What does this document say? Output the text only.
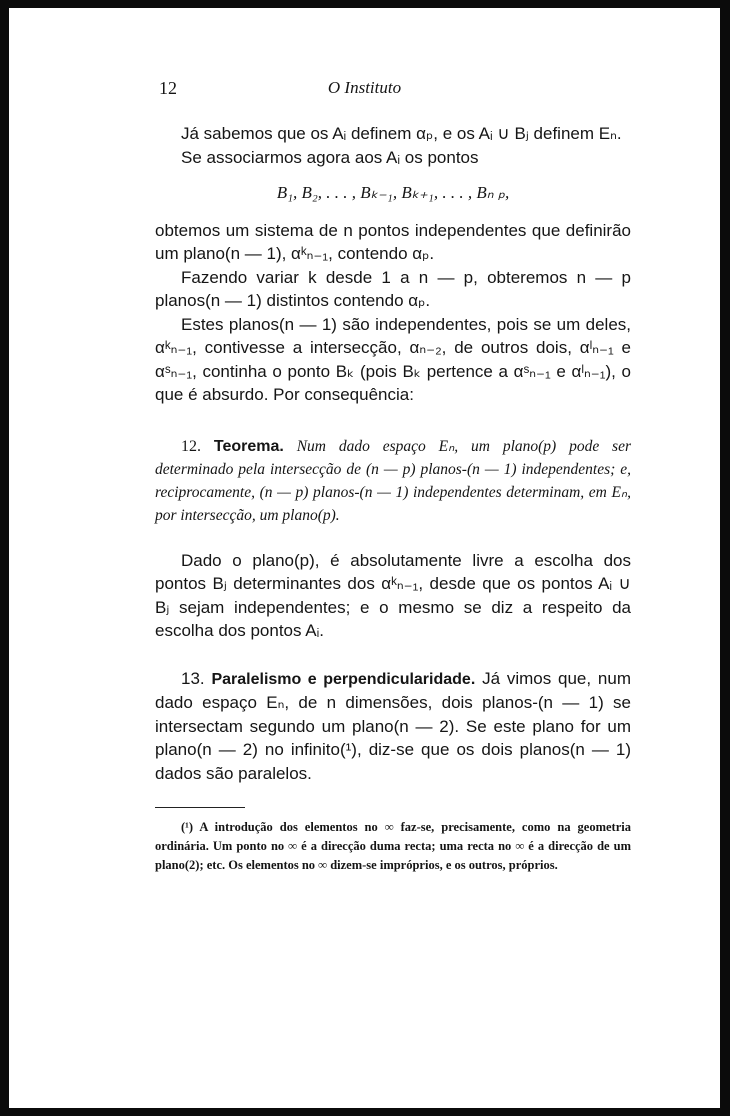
12	O Instituto

Já sabemos que os Aᵢ definem αₚ, e os Aᵢ ∪ Bⱼ definem Eₙ.

Se associarmos agora aos Aᵢ os pontos

B₁, B₂, . . . , Bₖ₋₁, Bₖ₊₁, . . . , Bₙ ₚ,

obtemos um sistema de n pontos independentes que definirão um plano(n — 1), αᵏₙ₋₁, contendo αₚ.

Fazendo variar k desde 1 a n — p, obteremos n — p planos(n — 1) distintos contendo αₚ.

Estes planos(n — 1) são independentes, pois se um deles, αᵏₙ₋₁, contivesse a intersecção, αₙ₋₂, de outros dois, αˡₙ₋₁ e αˢₙ₋₁, continha o ponto Bₖ (pois Bₖ pertence a αˢₙ₋₁ e αˡₙ₋₁), o que é absurdo. Por consequência:

12. Teorema. Num dado espaço Eₙ, um plano(p) pode ser determinado pela intersecção de (n — p) planos-(n — 1) independentes; e, reciprocamente, (n — p) planos-(n — 1) independentes determinam, em Eₙ, por intersecção, um plano(p).

Dado o plano(p), é absolutamente livre a escolha dos pontos Bⱼ determinantes dos αᵏₙ₋₁, desde que os pontos Aᵢ ∪ Bⱼ sejam independentes; e o mesmo se diz a respeito da escolha dos pontos Aᵢ.

13. Paralelismo e perpendicularidade. Já vimos que, num dado espaço Eₙ, de n dimensões, dois planos-(n — 1) se intersectam segundo um plano(n — 2). Se este plano for um plano(n — 2) no infinito(¹), diz-se que os dois planos(n — 1) dados são paralelos.

(¹) A introdução dos elementos no ∞ faz-se, precisamente, como na geometria ordinária. Um ponto no ∞ é a direcção duma recta; uma recta no ∞ é a direcção de um plano(2); etc. Os elementos no ∞ dizem-se impróprios, e os outros, próprios.
